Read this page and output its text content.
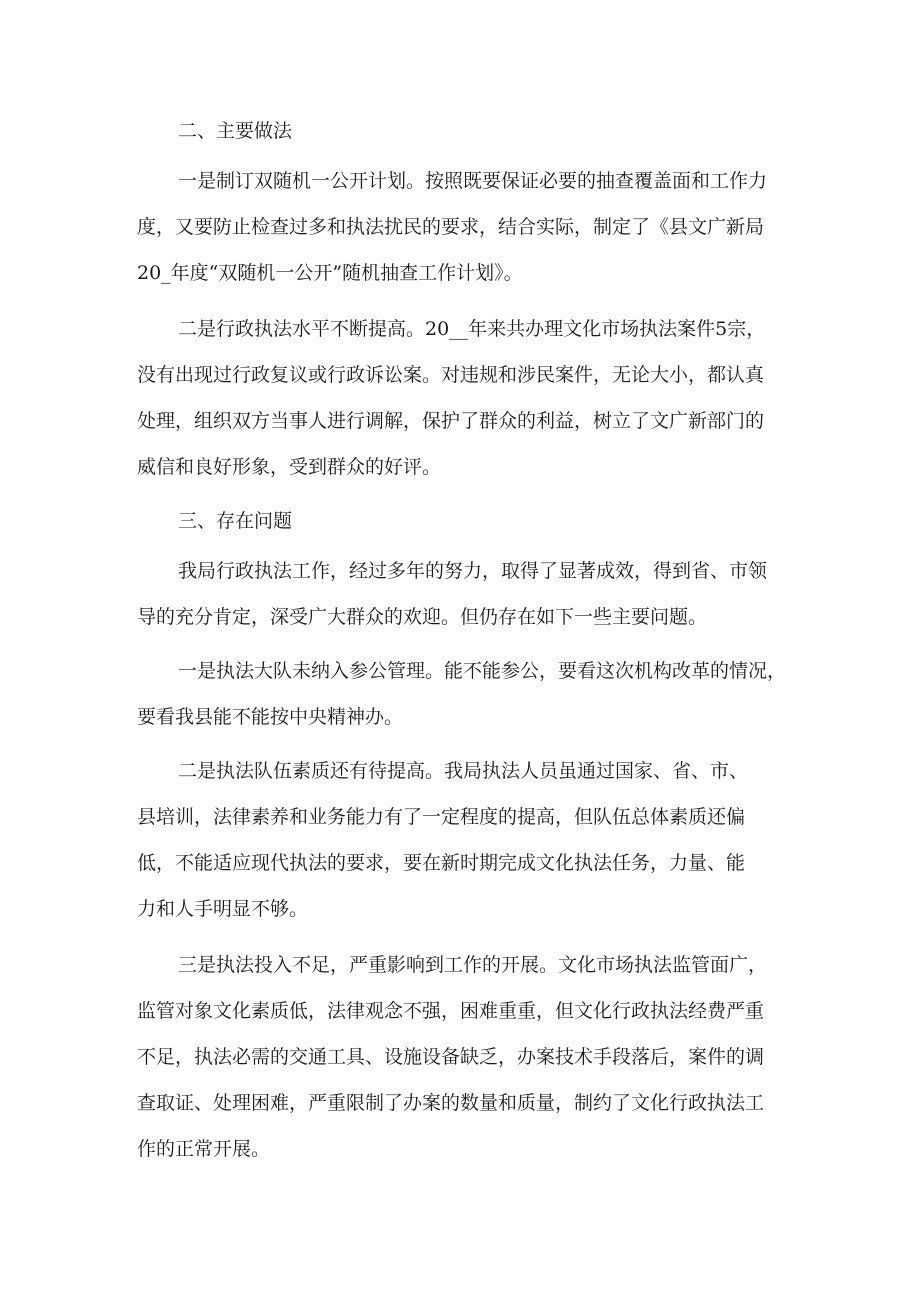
二、主要做法
一是制订双随机一公开计划。按照既要保证必要的抽查覆盖面和工作力
度，又要防止检查过多和执法扰民的要求，结合实际，制定了《县文广新局
20_年度“双随机一公开”随机抽查工作计划》。
二是行政执法水平不断提高。20__年来共办理文化市场执法案件5宗，
没有出现过行政复议或行政诉讼案。对违规和涉民案件，无论大小，都认真
处理，组织双方当事人进行调解，保护了群众的利益，树立了文广新部门的
威信和良好形象，受到群众的好评。
三、存在问题
我局行政执法工作，经过多年的努力，取得了显著成效，得到省、市领
导的充分肯定，深受广大群众的欢迎。但仍存在如下一些主要问题。
一是执法大队未纳入参公管理。能不能参公，要看这次机构改革的情况，
要看我县能不能按中央精神办。
二是执法队伍素质还有待提高。我局执法人员虽通过国家、省、市、
县培训，法律素养和业务能力有了一定程度的提高，但队伍总体素质还偏
低，不能适应现代执法的要求，要在新时期完成文化执法任务，力量、能
力和人手明显不够。
三是执法投入不足，严重影响到工作的开展。文化市场执法监管面广，
监管对象文化素质低，法律观念不强，困难重重，但文化行政执法经费严重
不足，执法必需的交通工具、设施设备缺乏，办案技术手段落后，案件的调
查取证、处理困难，严重限制了办案的数量和质量，制约了文化行政执法工
作的正常开展。
